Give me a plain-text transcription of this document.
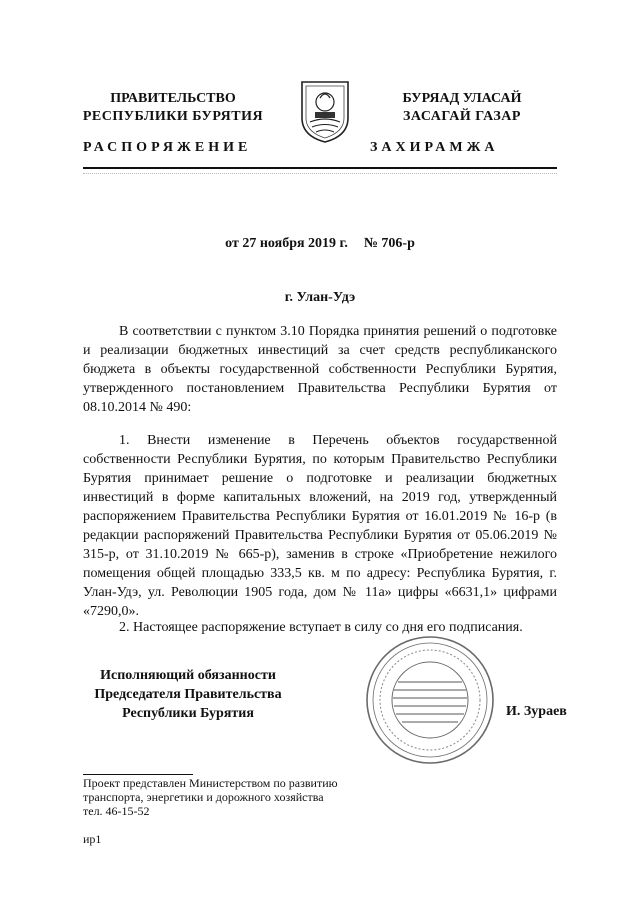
ПРАВИТЕЛЬСТВО
РЕСПУБЛИКИ БУРЯТИЯ
БУРЯАД УЛАСАЙ
ЗАСАГАЙ ГАЗАР
РАСПОРЯЖЕНИЕ	ЗАХИРАМЖА
от 27 ноября 2019 г. № 706-р
г. Улан-Удэ
В соответствии с пунктом 3.10 Порядка принятия решений о подготовке и реализации бюджетных инвестиций за счет средств республиканского бюджета в объекты государственной собственности Республики Бурятия, утвержденного постановлением Правительства Республики Бурятия от 08.10.2014 № 490:
1. Внести изменение в Перечень объектов государственной собственности Республики Бурятия, по которым Правительство Республики Бурятия принимает решение о подготовке и реализации бюджетных инвестиций в форме капитальных вложений, на 2019 год, утвержденный распоряжением Правительства Республики Бурятия от 16.01.2019 № 16-р (в редакции распоряжений Правительства Республики Бурятия от 05.06.2019 № 315-р, от 31.10.2019 № 665-р), заменив в строке «Приобретение нежилого помещения общей площадью 333,5 кв. м по адресу: Республика Бурятия, г. Улан-Удэ, ул. Революции 1905 года, дом № 11а» цифры «6631,1» цифрами «7290,0».
2. Настоящее распоряжение вступает в силу со дня его подписания.
Исполняющий обязанности
Председателя Правительства
Республики Бурятия	И. Зураев
Проект представлен Министерством по развитию
транспорта, энергетики и дорожного хозяйства
тел. 46-15-52
ир1
